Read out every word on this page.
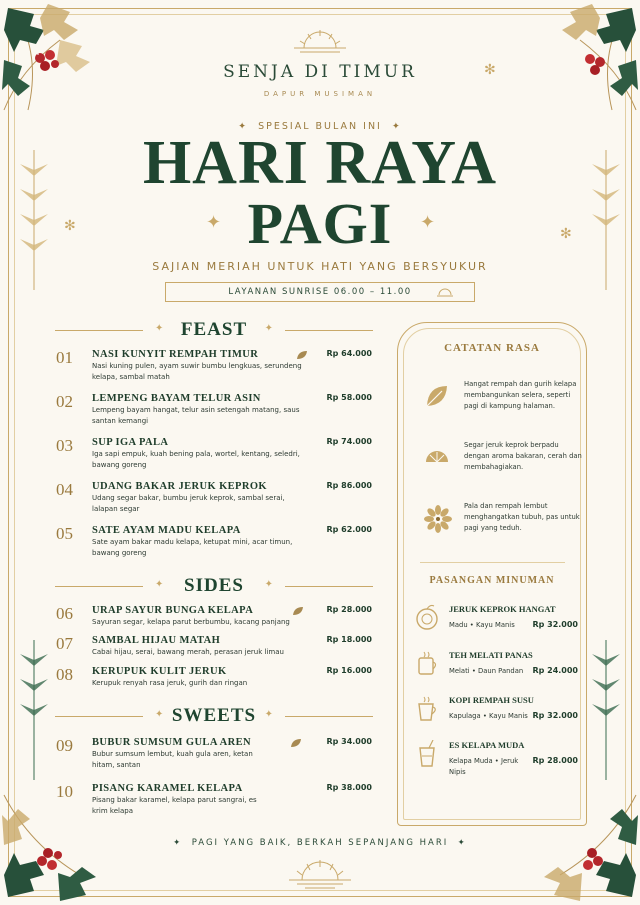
SENJA DI TIMUR
DAPUR MUSIMAN
✦  SPESIAL BULAN INI  ✦
HARI RAYA
PAGI
✦	✦
✻	✻
✻
SAJIAN MERIAH UNTUK HATI YANG BERSYUKUR
LAYANAN SUNRISE 06.00 – 11.00
✦ FEAST ✦
01 NASI KUNYIT REMPAH TIMUR	Rp 64.000
Nasi kuning pulen, ayam suwir bumbu lengkuas, serundeng kelapa, sambal matah
02 LEMPENG BAYAM TELUR ASIN	Rp 58.000
Lempeng bayam hangat, telur asin setengah matang, saus santan kemangi
03 SUP IGA PALA	Rp 74.000
Iga sapi empuk, kuah bening pala, wortel, kentang, seledri, bawang goreng
04 UDANG BAKAR JERUK KEPROK	Rp 86.000
Udang segar bakar, bumbu jeruk keprok, sambal serai, lalapan segar
05 SATE AYAM MADU KELAPA	Rp 62.000
Sate ayam bakar madu kelapa, ketupat mini, acar timun, bawang goreng
✦ SIDES ✦
06 URAP SAYUR BUNGA KELAPA	Rp 28.000
Sayuran segar, kelapa parut berbumbu, kacang panjang
07 SAMBAL HIJAU MATAH	Rp 18.000
Cabai hijau, serai, bawang merah, perasan jeruk limau
08 KERUPUK KULIT JERUK	Rp 16.000
Kerupuk renyah rasa jeruk, gurih dan ringan
✦ SWEETS ✦
09 BUBUR SUMSUM GULA AREN	Rp 34.000
Bubur sumsum lembut, kuah gula aren, ketan hitam, santan
10 PISANG KARAMEL KELAPA	Rp 38.000
Pisang bakar karamel, kelapa parut sangrai, es krim kelapa
CATATAN RASA
Hangat rempah dan gurih kelapa membangunkan selera, seperti pagi di kampung halaman.
Segar jeruk keprok berpadu dengan aroma bakaran, cerah dan membahagiakan.
Pala dan rempah lembut menghangatkan tubuh, pas untuk pagi yang teduh.
PASANGAN MINUMAN
JERUK KEPROK HANGAT
Madu • Kayu Manis	Rp 32.000
TEH MELATI PANAS
Melati • Daun Pandan	Rp 24.000
KOPI REMPAH SUSU
Kapulaga • Kayu Manis Rp 32.000
ES KELAPA MUDA
Kelapa Muda • Jeruk Nipis
Rp 28.000
✦  PAGI YANG BAIK, BERKAH SEPANJANG HARI  ✦
